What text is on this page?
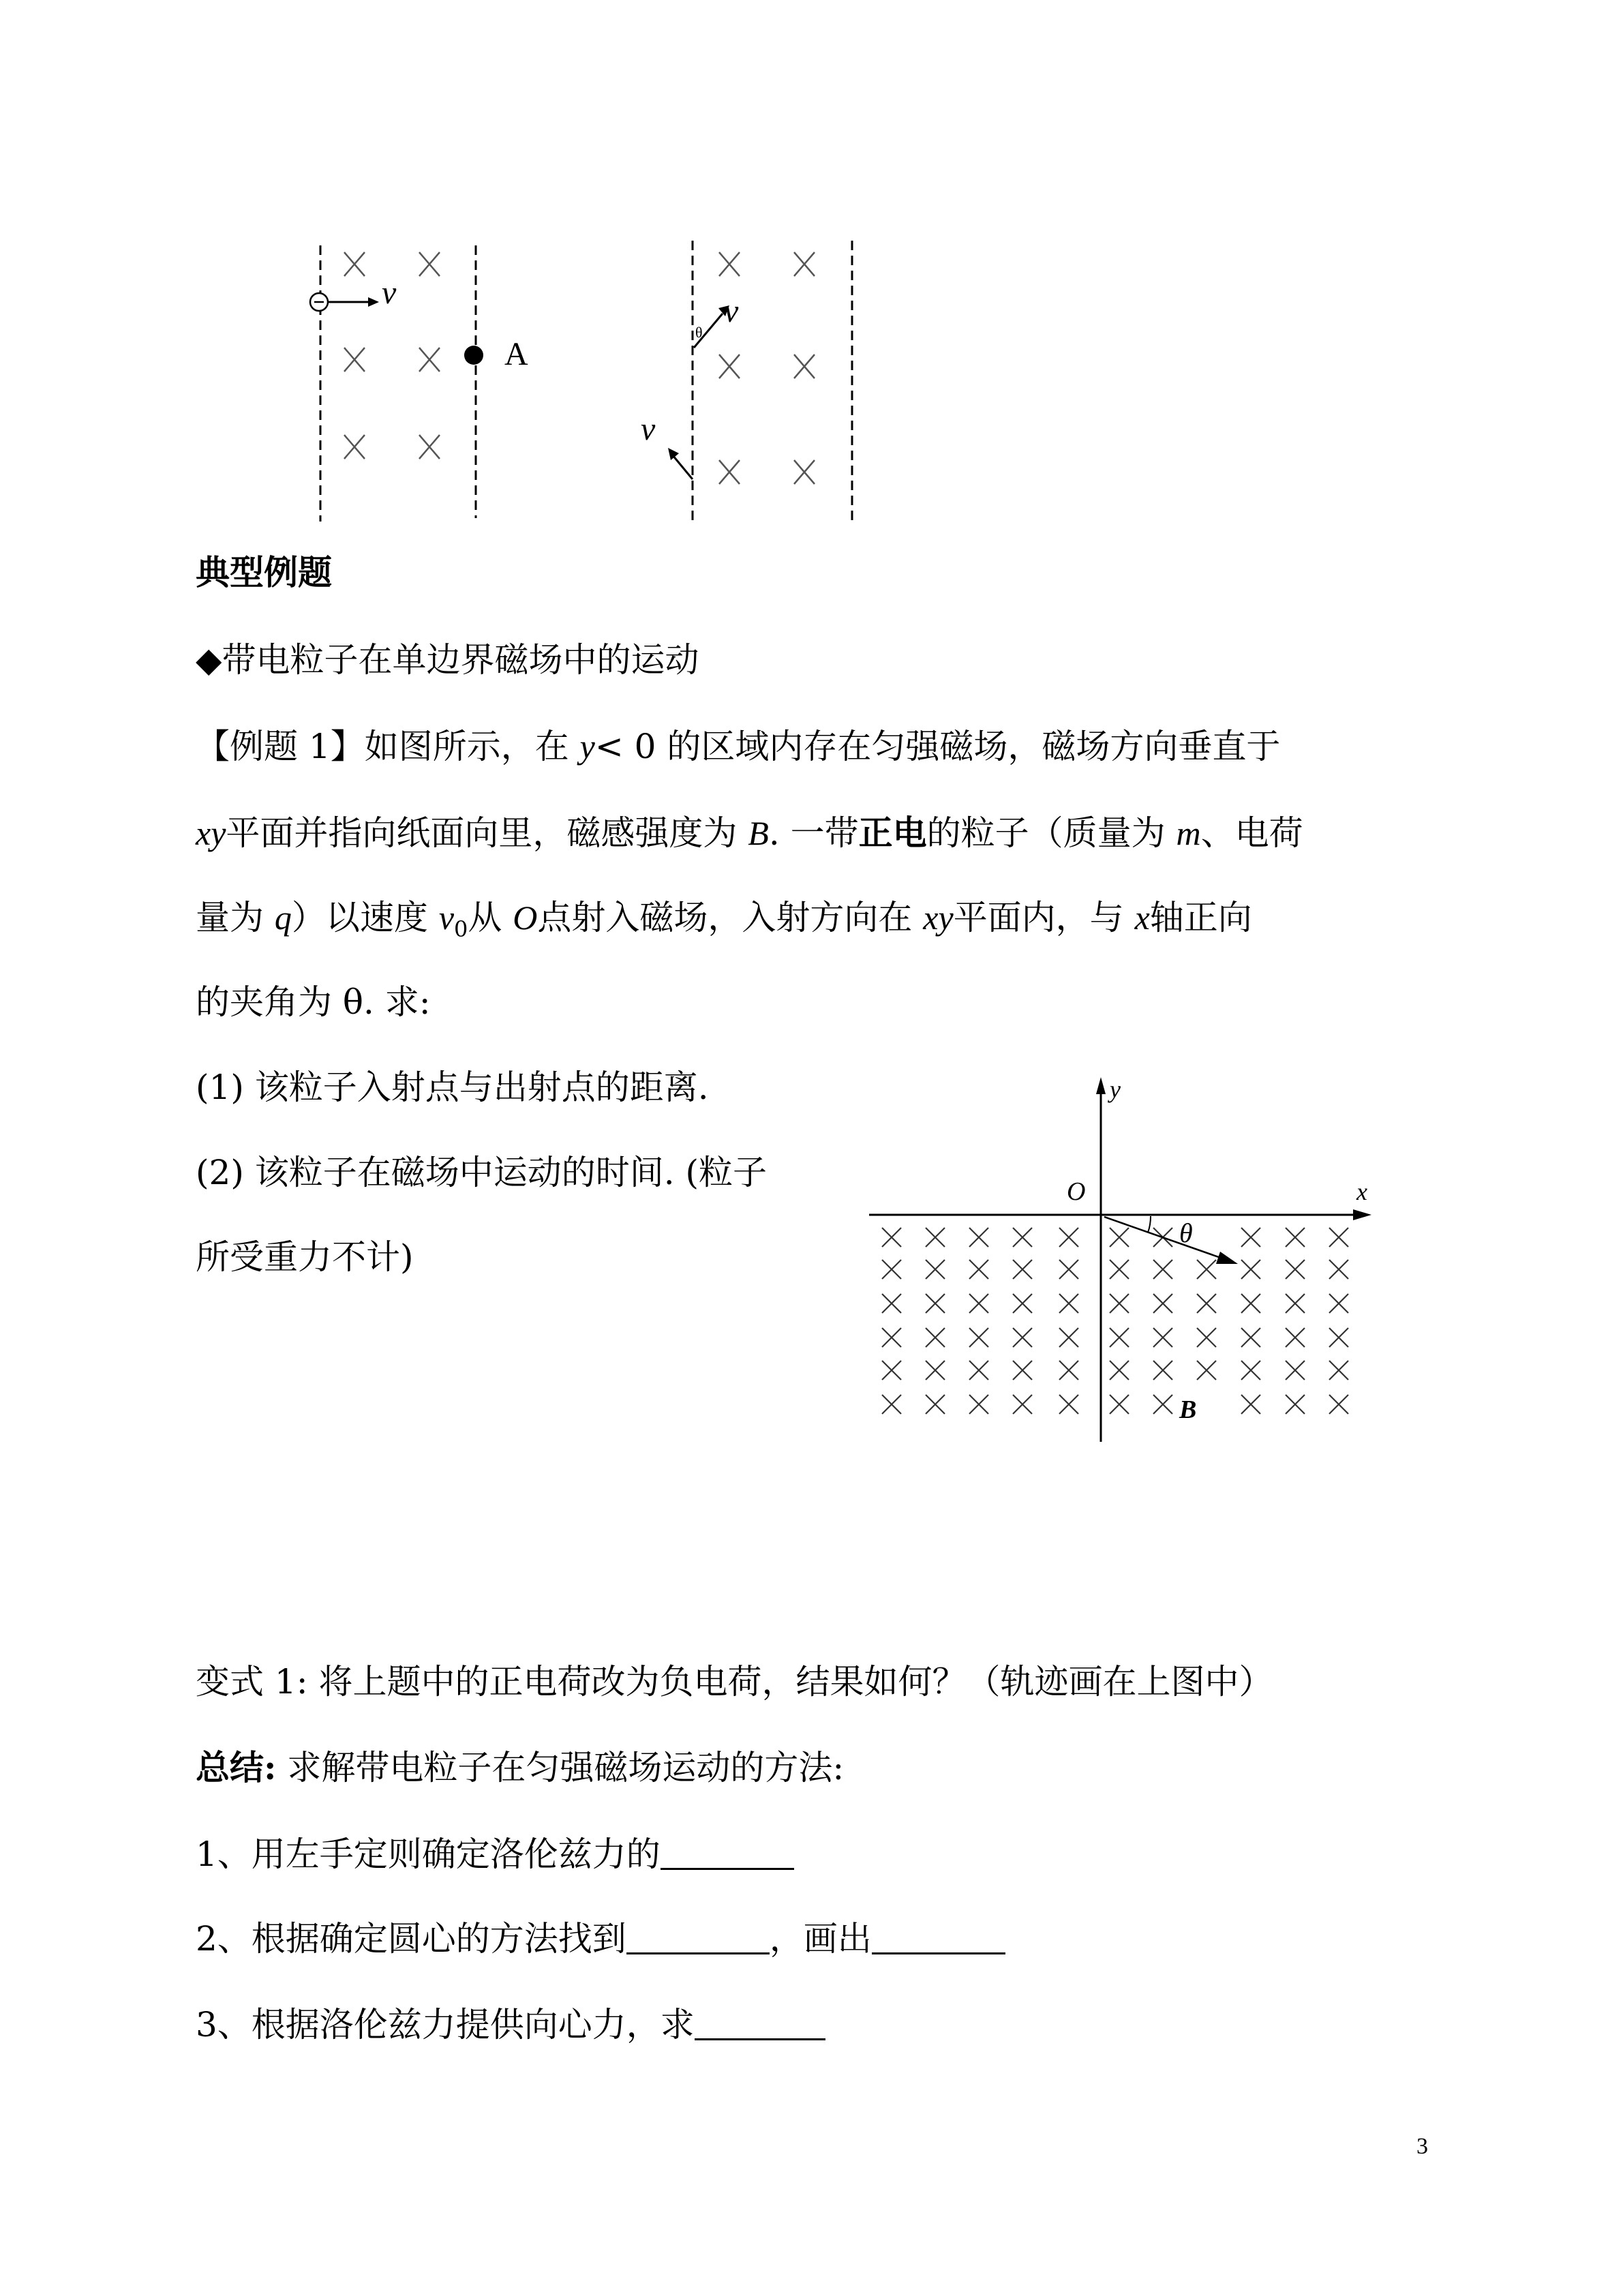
v
A
v
θ
v
典型例题
◆带电粒子在单边界磁场中的运动
【例题 1】如图所示，在 y< 0 的区域内存在匀强磁场，磁场方向垂直于
xy平面并指向纸面向里，磁感强度为 B. 一带正电的粒子（质量为 m、电荷
量为 q）以速度 $v_0$从 O点射入磁场，入射方向在 xy平面内，与 x轴正向
的夹角为 θ. 求:
(1) 该粒子入射点与出射点的距离.
(2) 该粒子在磁场中运动的时间. (粒子
所受重力不计)
y
x
O
θ
B
变式 1: 将上题中的正电荷改为负电荷，结果如何？（轨迹画在上图中）
总结: 求解带电粒子在匀强磁场运动的方法:
1、用左手定则确定洛伦兹力的
2、根据确定圆心的方法找到	，画出
3、根据洛伦兹力提供向心力，求
3
